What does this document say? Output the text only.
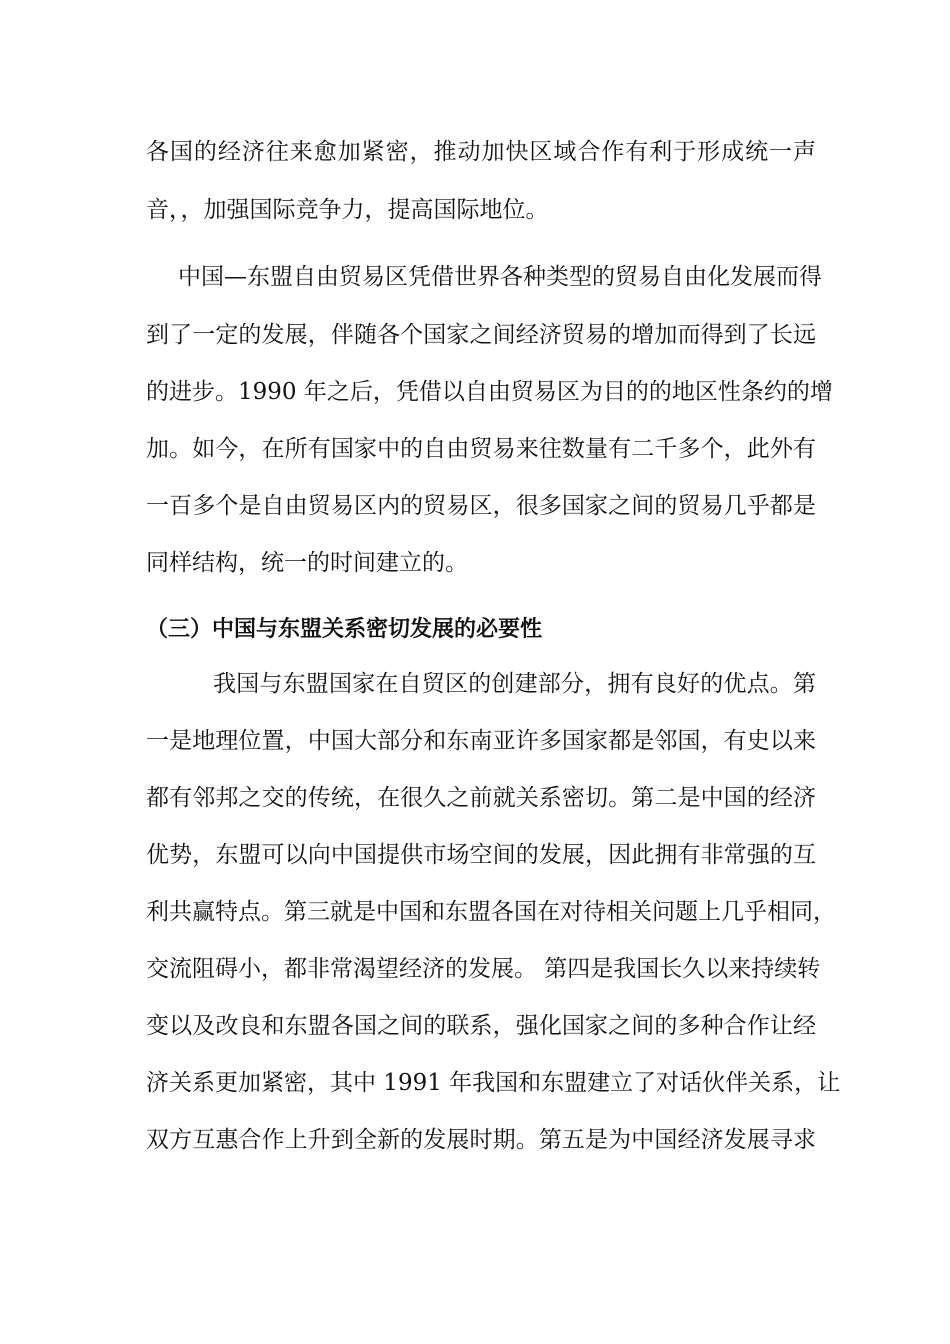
各国的经济往来愈加紧密，推动加快区域合作有利于形成统一声
音，，加强国际竞争力，提高国际地位。
中国—东盟自由贸易区凭借世界各种类型的贸易自由化发展而得
到了一定的发展，伴随各个国家之间经济贸易的增加而得到了长远
的进步。1990 年之后，凭借以自由贸易区为目的的地区性条约的增
加。如今，在所有国家中的自由贸易来往数量有二千多个，此外有
一百多个是自由贸易区内的贸易区，很多国家之间的贸易几乎都是
同样结构，统一的时间建立的。
（三）中国与东盟关系密切发展的必要性
我国与东盟国家在自贸区的创建部分，拥有良好的优点。第
一是地理位置，中国大部分和东南亚许多国家都是邻国，有史以来
都有邻邦之交的传统，在很久之前就关系密切。第二是中国的经济
优势，东盟可以向中国提供市场空间的发展，因此拥有非常强的互
利共赢特点。第三就是中国和东盟各国在对待相关问题上几乎相同，
交流阻碍小，都非常渴望经济的发展。 第四是我国长久以来持续转
变以及改良和东盟各国之间的联系，强化国家之间的多种合作让经
济关系更加紧密，其中 1991 年我国和东盟建立了对话伙伴关系，让
双方互惠合作上升到全新的发展时期。第五是为中国经济发展寻求
